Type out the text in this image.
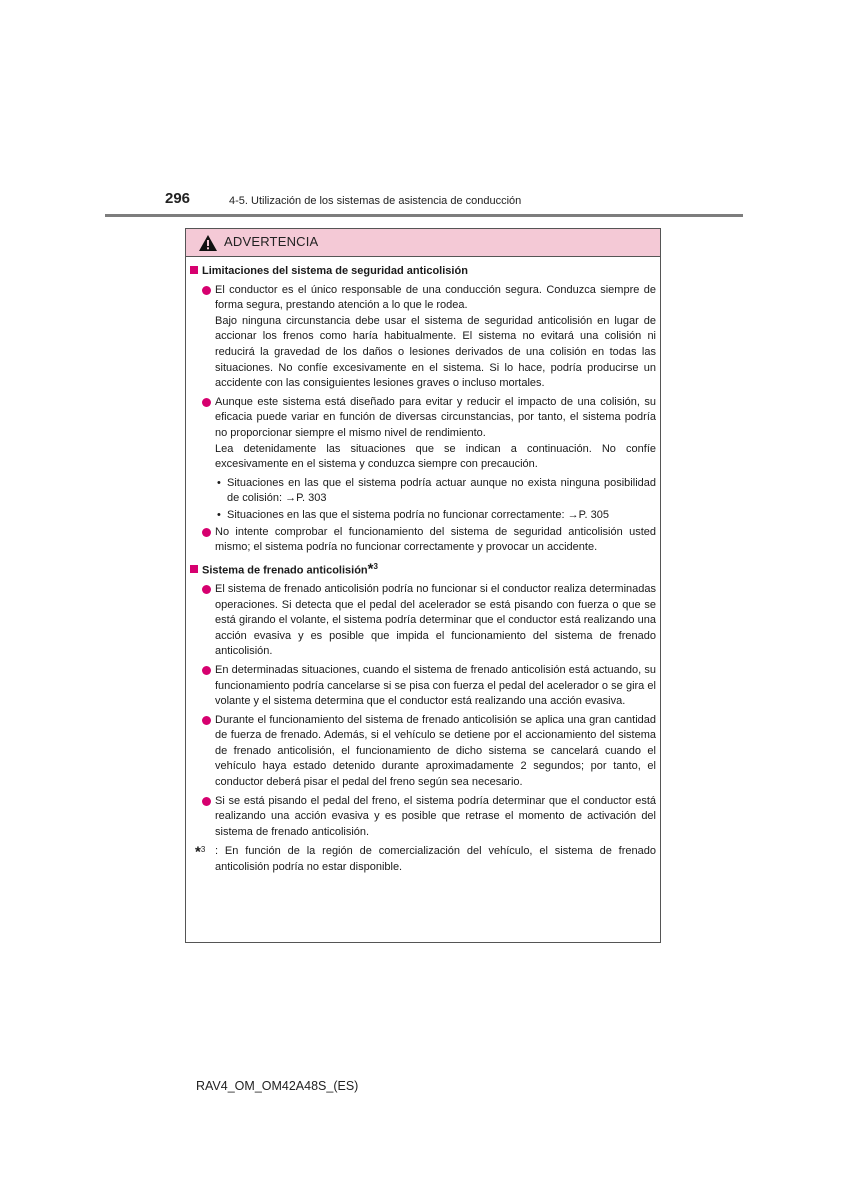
296	4-5. Utilización de los sistemas de asistencia de conducción
ADVERTENCIA
Limitaciones del sistema de seguridad anticolisión
El conductor es el único responsable de una conducción segura. Conduzca siempre de forma segura, prestando atención a lo que le rodea.
Bajo ninguna circunstancia debe usar el sistema de seguridad anticolisión en lugar de accionar los frenos como haría habitualmente. El sistema no evitará una colisión ni reducirá la gravedad de los daños o lesiones derivados de una colisión en todas las situaciones. No confíe excesivamente en el sistema. Si lo hace, podría producirse un accidente con las consiguientes lesiones graves o incluso mortales.
Aunque este sistema está diseñado para evitar y reducir el impacto de una colisión, su eficacia puede variar en función de diversas circunstancias, por tanto, el sistema podría no proporcionar siempre el mismo nivel de rendimiento.
Lea detenidamente las situaciones que se indican a continuación. No confíe excesivamente en el sistema y conduzca siempre con precaución.
• Situaciones en las que el sistema podría actuar aunque no exista ninguna posibilidad de colisión: →P. 303
• Situaciones en las que el sistema podría no funcionar correctamente: →P. 305
No intente comprobar el funcionamiento del sistema de seguridad anticolisión usted mismo; el sistema podría no funcionar correctamente y provocar un accidente.
Sistema de frenado anticolisión*$^3$
El sistema de frenado anticolisión podría no funcionar si el conductor realiza determinadas operaciones. Si detecta que el pedal del acelerador se está pisando con fuerza o que se está girando el volante, el sistema podría determinar que el conductor está realizando una acción evasiva y es posible que impida el funcionamiento del sistema de frenado anticolisión.
En determinadas situaciones, cuando el sistema de frenado anticolisión está actuando, su funcionamiento podría cancelarse si se pisa con fuerza el pedal del acelerador o se gira el volante y el sistema determina que el conductor está realizando una acción evasiva.
Durante el funcionamiento del sistema de frenado anticolisión se aplica una gran cantidad de fuerza de frenado. Además, si el vehículo se detiene por el accionamiento del sistema de frenado anticolisión, el funcionamiento de dicho sistema se cancelará cuando el vehículo haya estado detenido durante aproximadamente 2 segundos; por tanto, el conductor deberá pisar el pedal del freno según sea necesario.
Si se está pisando el pedal del freno, el sistema podría determinar que el conductor está realizando una acción evasiva y es posible que retrase el momento de activación del sistema de frenado anticolisión.
*$^3$ : En función de la región de comercialización del vehículo, el sistema de frenado anticolisión podría no estar disponible.
RAV4_OM_OM42A48S_(ES)
